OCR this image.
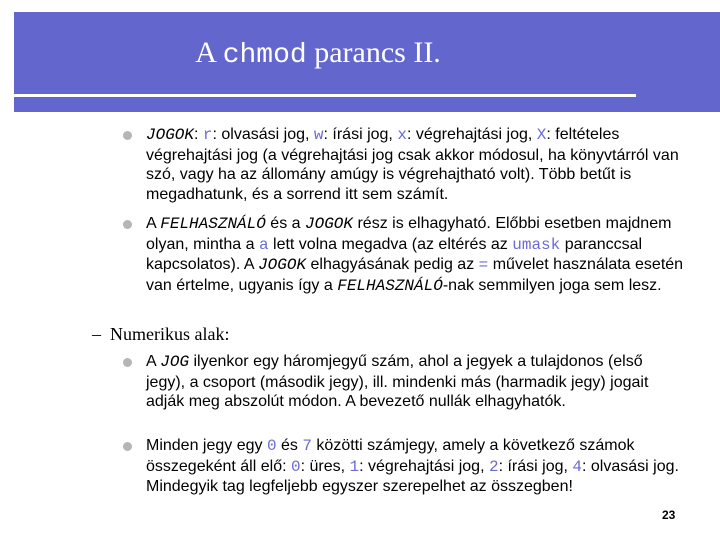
A chmod parancs II.
JOGOK: r: olvasási jog, w: írási jog, x: végrehajtási jog, X: feltételes végrehajtási jog (a végrehajtási jog csak akkor módosul, ha könyvtárról van szó, vagy ha az állomány amúgy is végrehajtható volt). Több betűt is megadhatunk, és a sorrend itt sem számít.
A FELHASZNÁLÓ és a JOGOK rész is elhagyható. Előbbi esetben majdnem olyan, mintha a a lett volna megadva (az eltérés az umask paranccsal kapcsolatos). A JOGOK elhagyásának pedig az = művelet használata esetén van értelme, ugyanis így a FELHASZNÁLÓ-nak semmilyen joga sem lesz.
– Numerikus alak:
A JOG ilyenkor egy háromjegyű szám, ahol a jegyek a tulajdonos (első jegy), a csoport (második jegy), ill. mindenki más (harmadik jegy) jogait adják meg abszolút módon. A bevezető nullák elhagyhatók.
Minden jegy egy 0 és 7 közötti számjegy, amely a következő számok összegeként áll elő: 0: üres, 1: végrehajtási jog, 2: írási jog, 4: olvasási jog. Mindegyik tag legfeljebb egyszer szerepelhet az összegben!
23
